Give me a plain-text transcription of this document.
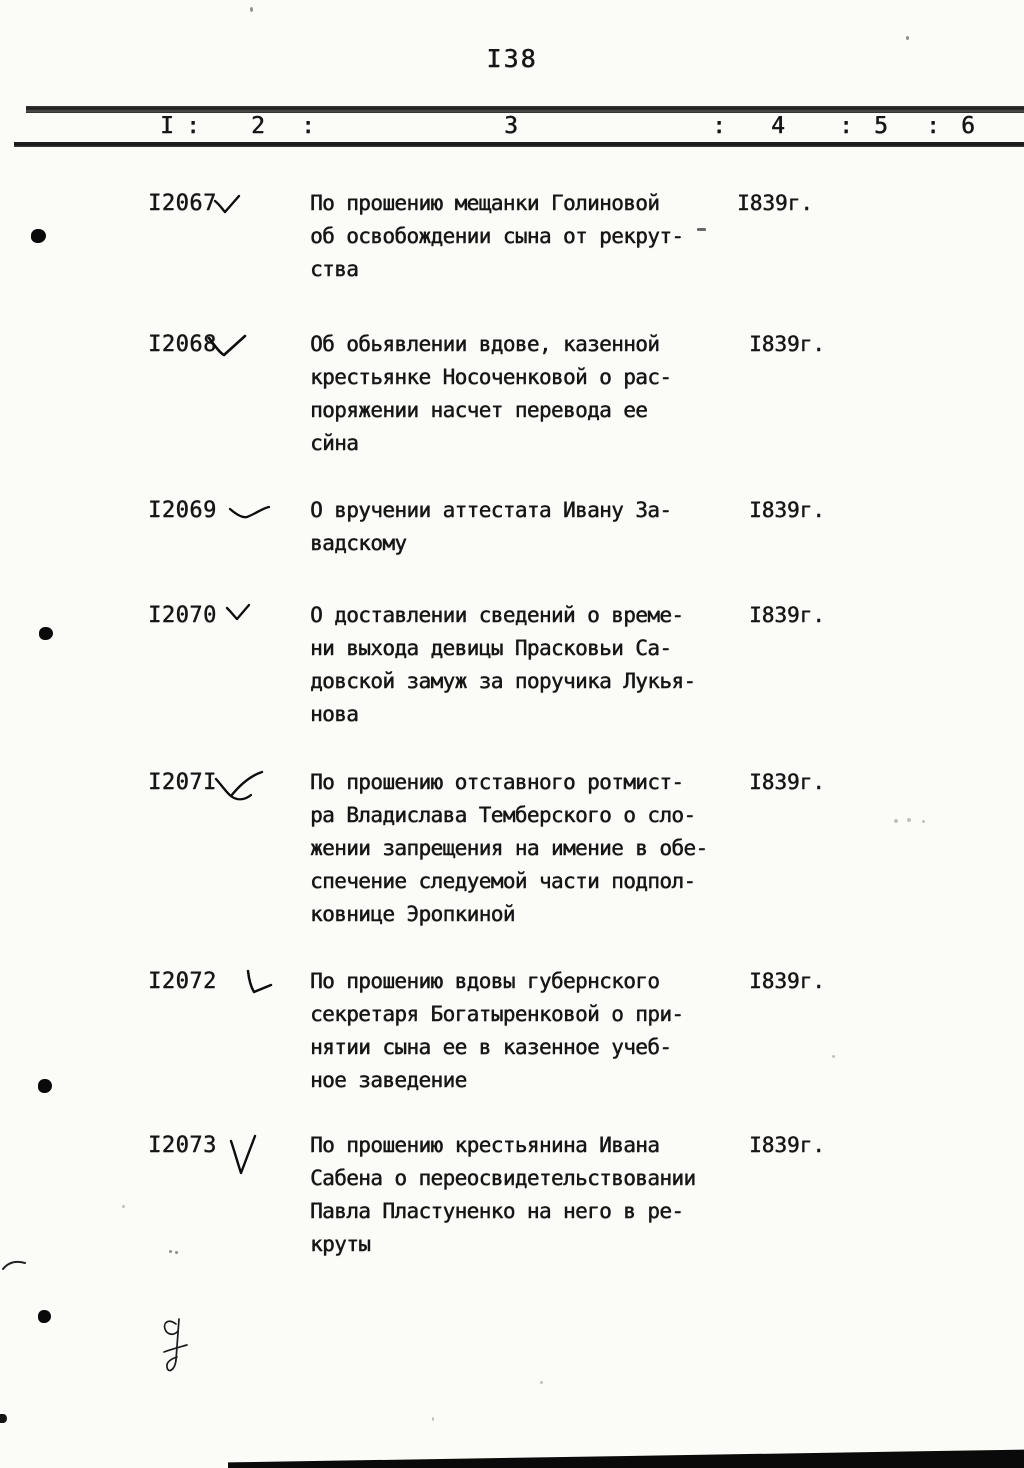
I38
I : 2 :	3	: 4 : 5 : 6
I2067	По прошению мещанки Голиновой
об освобождении сына от рекрут-
ства
I839г.
I2068	Об обьявлении вдове, казенной
крестьянке Носоченковой о рас-
поряжении насчет перевода ее
сйна
I839г.
I2069	О вручении аттестата Ивану За-
вадскому
I839г.
I2070	О доставлении сведений о време-
ни выхода девицы Прасковьи Са-
довской замуж за поручика Лукья-
нова
I839г.
I207I	По прошению отставного ротмист-
ра Владислава Темберского о сло-
жении запрещения на имение в обе-
спечение следуемой части подпол-
ковнице Эропкиной
I839г.
I2072	По прошению вдовы губернского
секретаря Богатыренковой о при-
нятии сына ее в казенное учеб-
ное заведение
I839г.
I2073	По прошению крестьянина Ивана
Сабена о переосвидетельствовании
Павла Пластуненко на него в ре-
круты
I839г.
